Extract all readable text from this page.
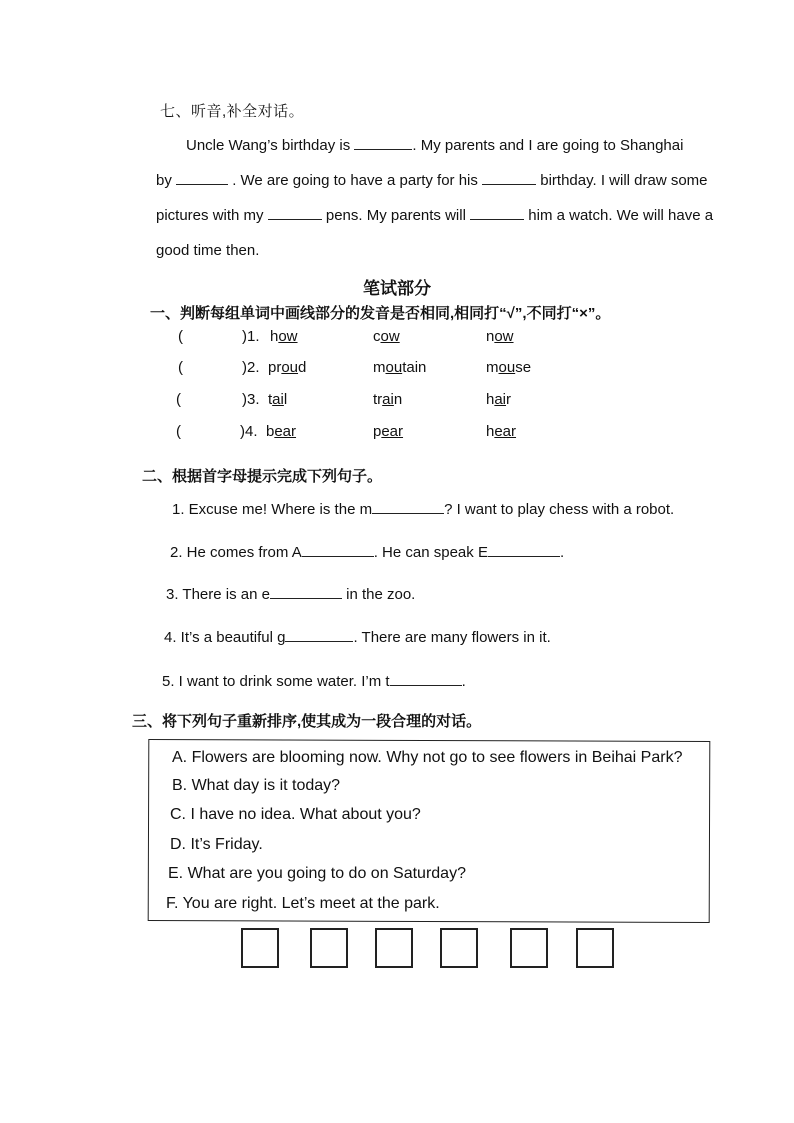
七、听音,补全对话。
Uncle Wang’s birthday is	. My parents and I are going to Shanghai
by	. We are going to have a party for his	birthday. I will draw some
pictures with my	pens. My parents will	him a watch. We will have a
good time then.
笔试部分
一、判断每组单词中画线部分的发音是否相同,相同打“√”,不同打“×”。
(	)1. how	cow	now
(	)2. proud	moutain	mouse
(	)3. tail	train	hair
(	)4. bear	pear	hear
二、根据首字母提示完成下列句子。
1. Excuse me! Where is the m	? I want to play chess with a robot.
2. He comes from A	. He can speak E	.
3. There is an e	in the zoo.
4. It’s a beautiful g	. There are many flowers in it.
5. I want to drink some water. I’m t	.
三、将下列句子重新排序,使其成为一段合理的对话。
A. Flowers are blooming now. Why not go to see flowers in Beihai Park?
B. What day is it today?
C. I have no idea. What about you?
D. It’s Friday.
E. What are you going to do on Saturday?
F. You are right. Let’s meet at the park.
